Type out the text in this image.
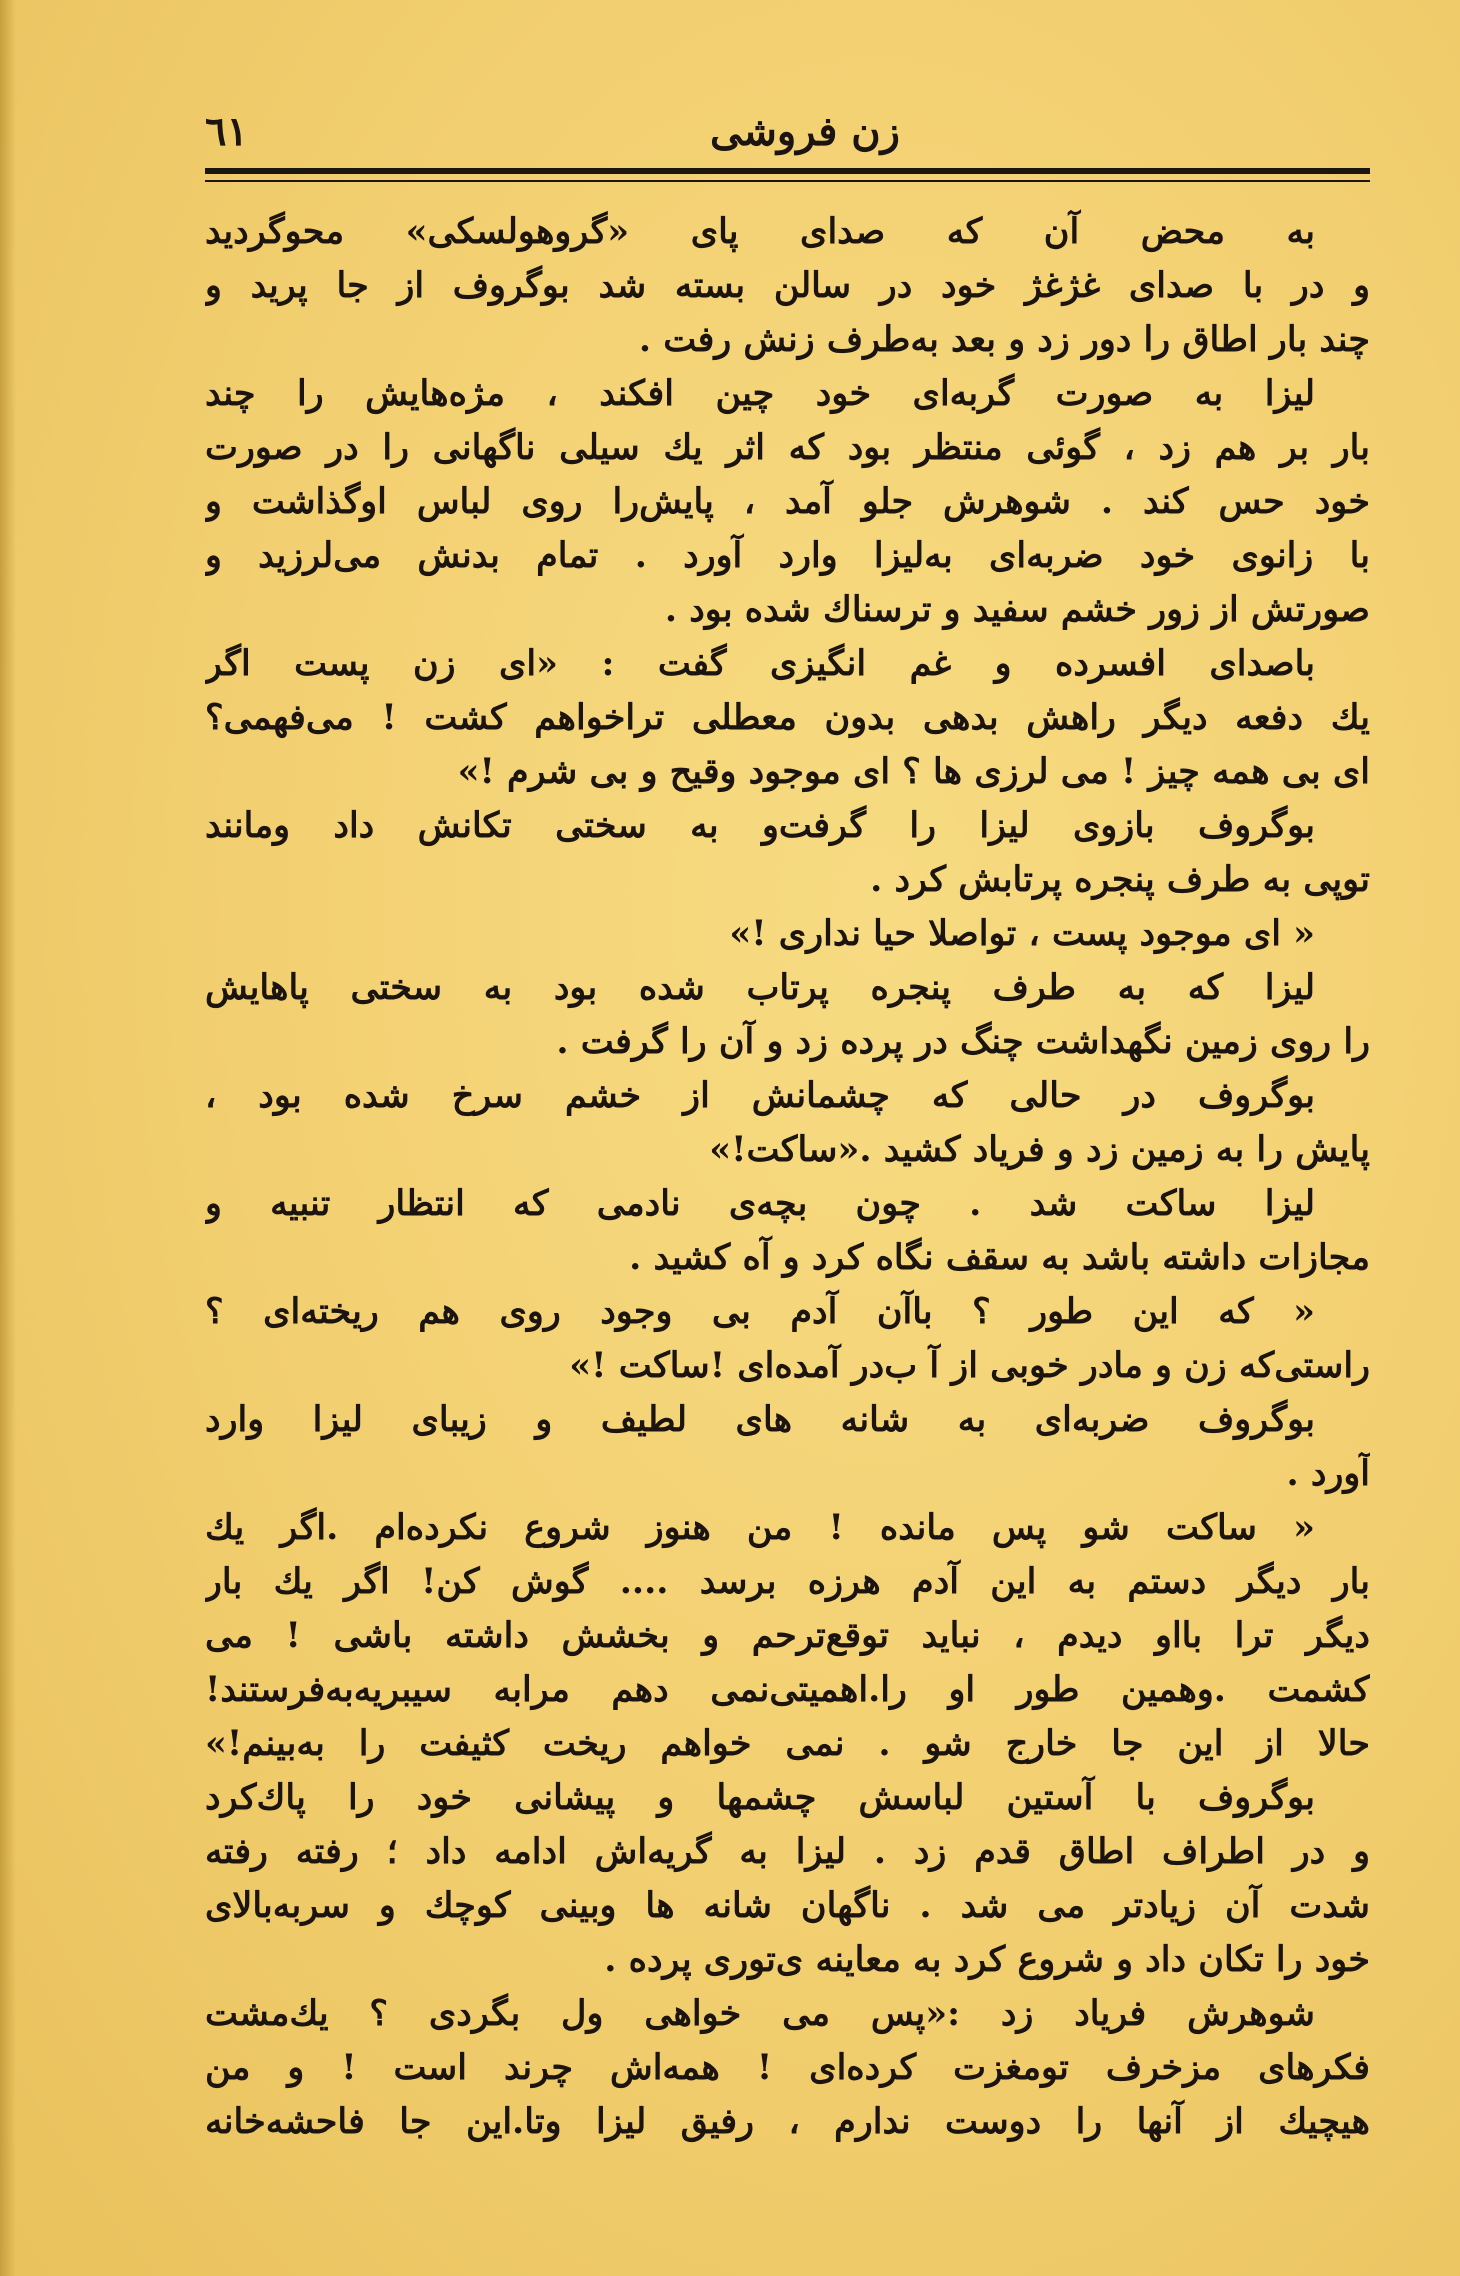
زن فروشی
٦١
به محض آن که صدای پای «گروهولسکی» محوگردید
و در با صدای غژغژ خود در سالن بسته شد بوگروف از جا پرید و
چند بار اطاق را دور زد و بعد به‌طرف زنش رفت .
لیزا به صورت گربه‌ای خود چین افکند ، مژه‌هایش را چند
بار بر هم زد ، گوئی منتظر بود که اثر یك سیلی ناگهانی را در صورت
خود حس کند . شوهرش جلو آمد ، پایش‌را روی لباس اوگذاشت و
با زانوی خود ضربه‌ای به‌لیزا وارد آورد . تمام بدنش می‌لرزید و
صورتش از زور خشم سفید و ترسناك شده بود .
باصدای افسرده و غم انگیزی گفت : «ای زن پست اگر
یك دفعه دیگر راهش بدهی بدون معطلی تراخواهم کشت ! می‌فهمی؟
ای بی همه چیز ! می لرزی ها ؟ ای موجود وقیح و بی شرم !»
بوگروف بازوی لیزا را گرفت‌و به سختی تکانش داد ومانند
توپی به طرف پنجره پرتابش کرد .
« ای موجود پست ، تواصلا حیا نداری !»
لیزا که به طرف پنجره پرتاب شده بود به سختی پاهایش
را روی زمین نگهداشت چنگ در پرده زد و آن را گرفت .
بوگروف در حالی که چشمانش از خشم سرخ شده بود ،
پایش را به زمین زد و فریاد کشید .«ساکت!»
لیزا ساکت شد . چون بچه‌ی نادمی که انتظار تنبیه و
مجازات داشته باشد به سقف نگاه کرد و آه کشید .
« که این طور ؟ باآن آدم بی وجود روی هم ریخته‌ای ؟
راستی‌که زن و مادر خوبی از آ ب‌در آمده‌ای !ساکت !»
بوگروف ضربه‌ای به شانه های لطیف و زیبای لیزا وارد
آورد .
« ساکت شو پس مانده ! من هنوز شروع نکرده‌ام .اگر یك
بار دیگر دستم به این آدم هرزه برسد .... گوش کن! اگر یك بار
دیگر ترا بااو دیدم ، نباید توقع‌ترحم و بخشش داشته باشی ! می
کشمت .وهمین طور او را.اهمیتی‌نمی دهم مرابه سیبریه‌به‌فرستند!
حالا از این جا خارج شو . نمی خواهم ریخت کثیفت را به‌بینم!»
بوگروف با آستین لباسش چشمها و پیشانی خود را پاك‌کرد
و در اطراف اطاق قدم زد . لیزا به گریه‌اش ادامه داد ؛ رفته رفته
شدت آن زیادتر می شد . ناگهان شانه ها وبینی کوچك و سربه‌بالای
خود را تکان داد و شروع کرد به معاینه ی‌توری پرده .
شوهرش فریاد زد :«پس می خواهی ول بگردی ؟ یك‌مشت
فکرهای مزخرف تومغزت کرده‌ای ! همه‌اش چرند است ! و من
هیچیك از آنها را دوست ندارم ، رفیق لیزا وتا.این جا فاحشه‌خانه
